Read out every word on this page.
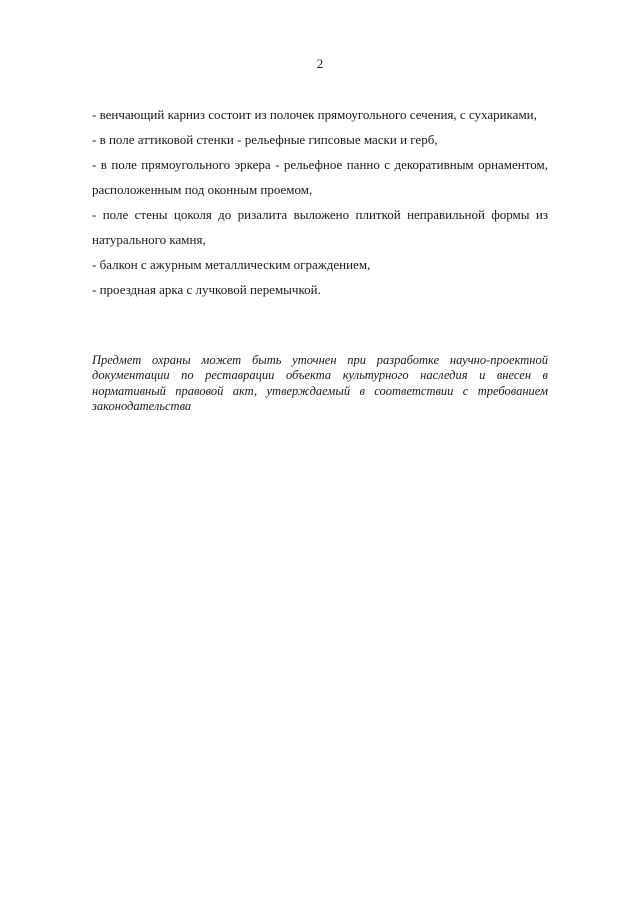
2

- венчающий карниз состоит из полочек прямоугольного сечения, с сухариками,

- в поле аттиковой стенки - рельефные гипсовые маски и герб,

- в поле прямоугольного эркера - рельефное панно с декоративным орнаментом, расположенным под оконным проемом,

- поле стены цоколя до ризалита выложено плиткой неправильной формы из натурального камня,

- балкон с ажурным металлическим ограждением,

- проездная арка с лучковой перемычкой.

Предмет охраны может быть уточнен при разработке научно-проектной документации по реставрации объекта культурного наследия и внесен в нормативный правовой акт, утверждаемый в соответствии с требованием законодательства
